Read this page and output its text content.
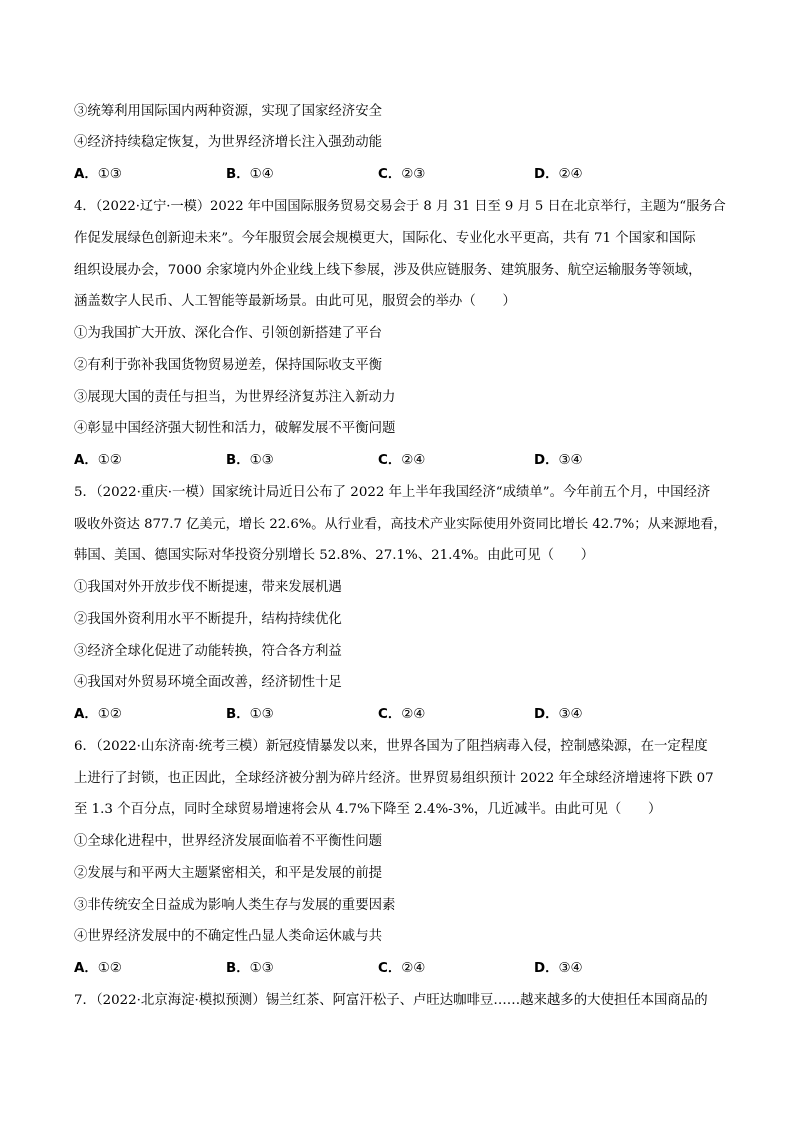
③统筹利用国际国内两种资源，实现了国家经济安全
④经济持续稳定恢复，为世界经济增长注入强劲动能
A．①③	B．①④	C．②③	D．②④
4．（2022·辽宁·一模）2022 年中国国际服务贸易交易会于 8 月 31 日至 9 月 5 日在北京举行，主题为“服务合
作促发展绿色创新迎未来”。今年服贸会展会规模更大，国际化、专业化水平更高，共有 71 个国家和国际
组织设展办会，7000 余家境内外企业线上线下参展，涉及供应链服务、建筑服务、航空运输服务等领域，
涵盖数字人民币、人工智能等最新场景。由此可见，服贸会的举办（　　）
①为我国扩大开放、深化合作、引领创新搭建了平台
②有利于弥补我国货物贸易逆差，保持国际收支平衡
③展现大国的责任与担当，为世界经济复苏注入新动力
④彰显中国经济强大韧性和活力，破解发展不平衡问题
A．①②	B．①③	C．②④	D．③④
5．（2022·重庆·一模）国家统计局近日公布了 2022 年上半年我国经济“成绩单”。今年前五个月，中国经济
吸收外资达 877.7 亿美元，增长 22.6%。从行业看，高技术产业实际使用外资同比增长 42.7%；从来源地看，
韩国、美国、德国实际对华投资分别增长 52.8%、27.1%、21.4%。由此可见（　　）
①我国对外开放步伐不断提速，带来发展机遇
②我国外资利用水平不断提升，结构持续优化
③经济全球化促进了动能转换，符合各方利益
④我国对外贸易环境全面改善，经济韧性十足
A．①②	B．①③	C．②④	D．③④
6．（2022·山东济南·统考三模）新冠疫情暴发以来，世界各国为了阻挡病毒入侵，控制感染源，在一定程度
上进行了封锁，也正因此，全球经济被分割为碎片经济。世界贸易组织预计 2022 年全球经济增速将下跌 07
至 1.3 个百分点，同时全球贸易增速将会从 4.7%下降至 2.4%-3%，几近减半。由此可见（　　）
①全球化进程中，世界经济发展面临着不平衡性问题
②发展与和平两大主题紧密相关，和平是发展的前提
③非传统安全日益成为影响人类生存与发展的重要因素
④世界经济发展中的不确定性凸显人类命运休戚与共
A．①②	B．①③	C．②④	D．③④
7．（2022·北京海淀·模拟预测）锡兰红茶、阿富汗松子、卢旺达咖啡豆……越来越多的大使担任本国商品的
